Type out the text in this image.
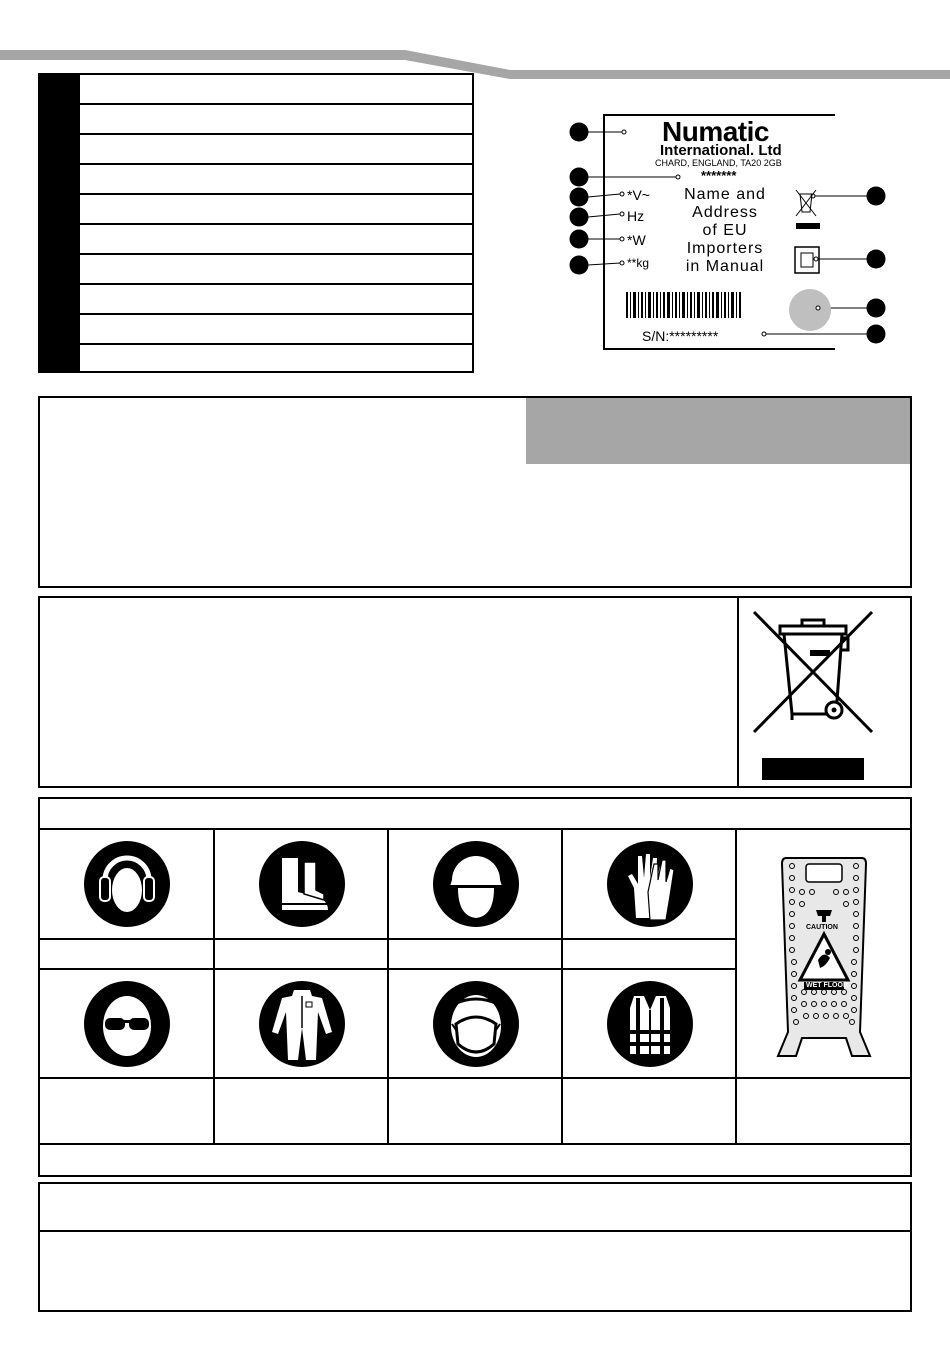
Numatic
International. Ltd
CHARD, ENGLAND, TA20 2GB
*******
*V~
Hz
*W
**kg
Name and
Address
of EU
Importers
in Manual
S/N:*********
CAUTION
WET FLOOR
